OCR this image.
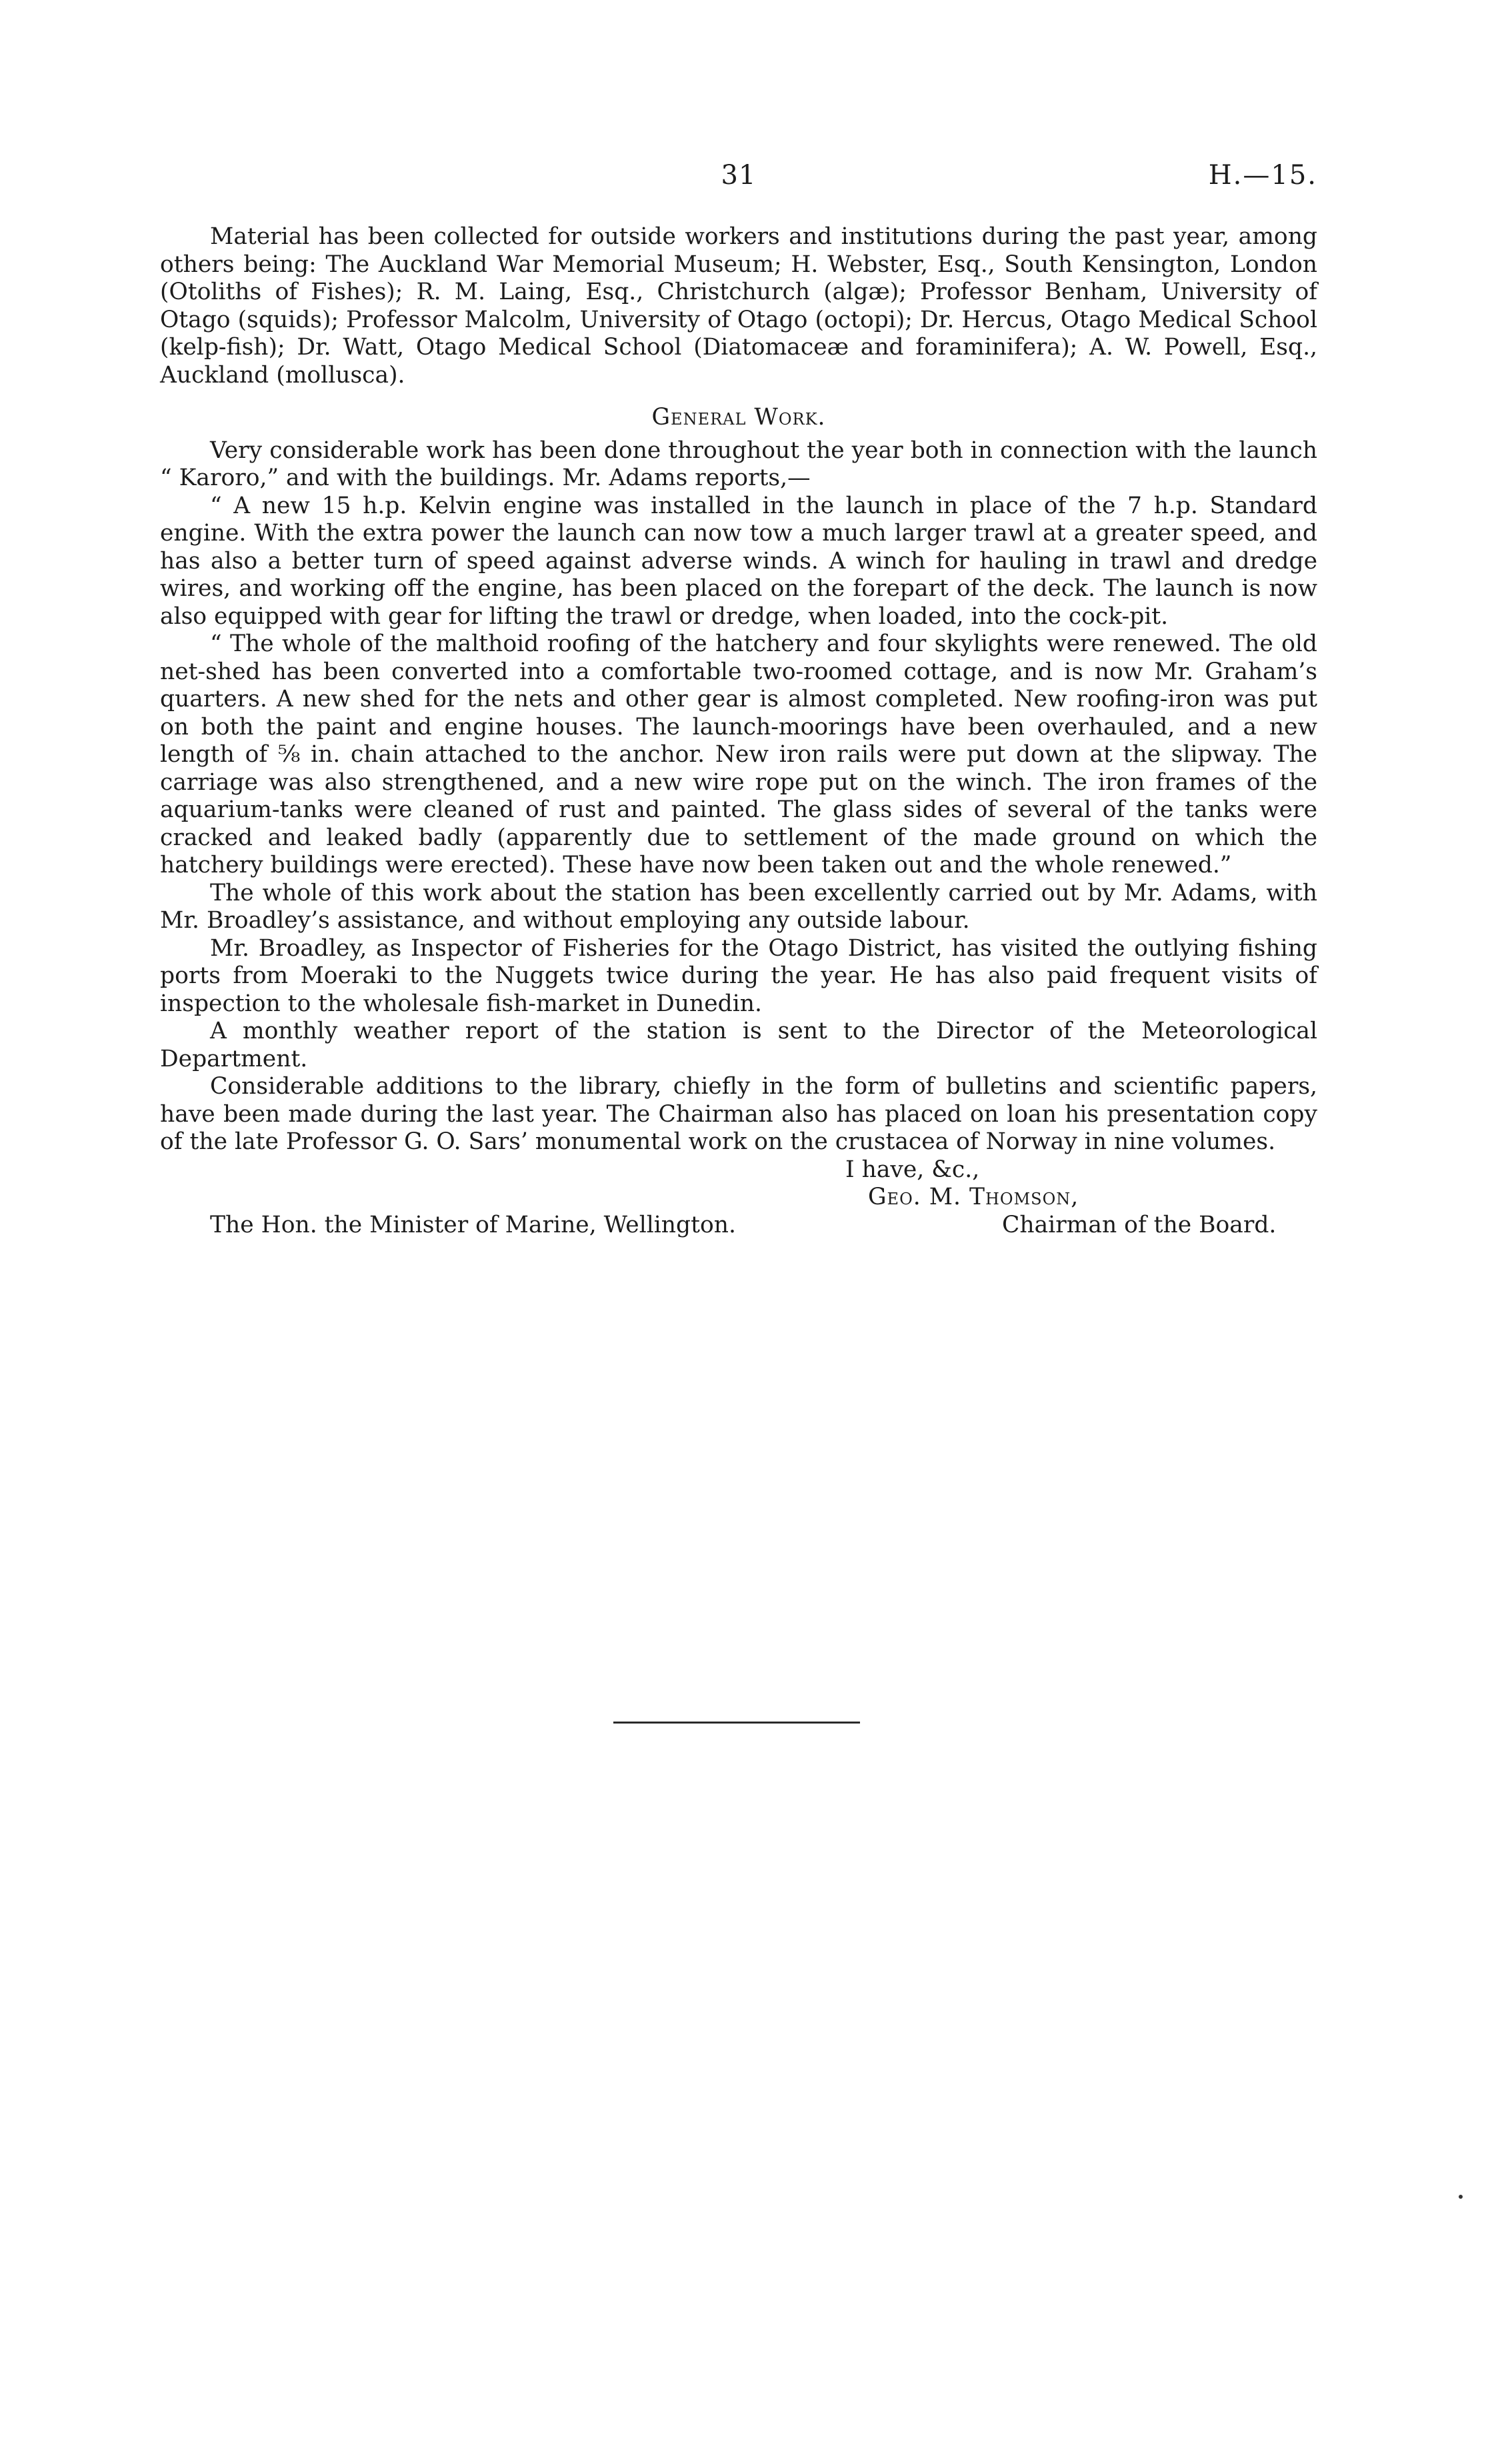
31	H.—15.

Material has been collected for outside workers and institutions during the past year, among others being: The Auckland War Memorial Museum; H. Webster, Esq., South Kensington, London (Otoliths of Fishes); R. M. Laing, Esq., Christchurch (algæ); Professor Benham, University of Otago (squids); Professor Malcolm, University of Otago (octopi); Dr. Hercus, Otago Medical School (kelp-fish); Dr. Watt, Otago Medical School (Diatomaceæ and foraminifera); A. W. Powell, Esq., Auckland (mollusca).

General Work.

Very considerable work has been done throughout the year both in connection with the launch “ Karoro,” and with the buildings. Mr. Adams reports,—

“ A new 15 h.p. Kelvin engine was installed in the launch in place of the 7 h.p. Standard engine. With the extra power the launch can now tow a much larger trawl at a greater speed, and has also a better turn of speed against adverse winds. A winch for hauling in trawl and dredge wires, and working off the engine, has been placed on the forepart of the deck. The launch is now also equipped with gear for lifting the trawl or dredge, when loaded, into the cock-pit.

“ The whole of the malthoid roofing of the hatchery and four skylights were renewed. The old net-shed has been converted into a comfortable two-roomed cottage, and is now Mr. Graham’s quarters. A new shed for the nets and other gear is almost completed. New roofing-iron was put on both the paint and engine houses. The launch-moorings have been overhauled, and a new length of ⅝ in. chain attached to the anchor. New iron rails were put down at the slipway. The carriage was also strengthened, and a new wire rope put on the winch. The iron frames of the aquarium-tanks were cleaned of rust and painted. The glass sides of several of the tanks were cracked and leaked badly (apparently due to settlement of the made ground on which the hatchery buildings were erected). These have now been taken out and the whole renewed.”

The whole of this work about the station has been excellently carried out by Mr. Adams, with Mr. Broadley’s assistance, and without employing any outside labour.

Mr. Broadley, as Inspector of Fisheries for the Otago District, has visited the outlying fishing ports from Moeraki to the Nuggets twice during the year. He has also paid frequent visits of inspection to the wholesale fish-market in Dunedin.

A monthly weather report of the station is sent to the Director of the Meteorological Department.

Considerable additions to the library, chiefly in the form of bulletins and scientific papers, have been made during the last year. The Chairman also has placed on loan his presentation copy of the late Professor G. O. Sars’ monumental work on the crustacea of Norway in nine volumes.

I have, &c.,

Geo. M. Thomson,

The Hon. the Minister of Marine, Wellington.	Chairman of the Board.
